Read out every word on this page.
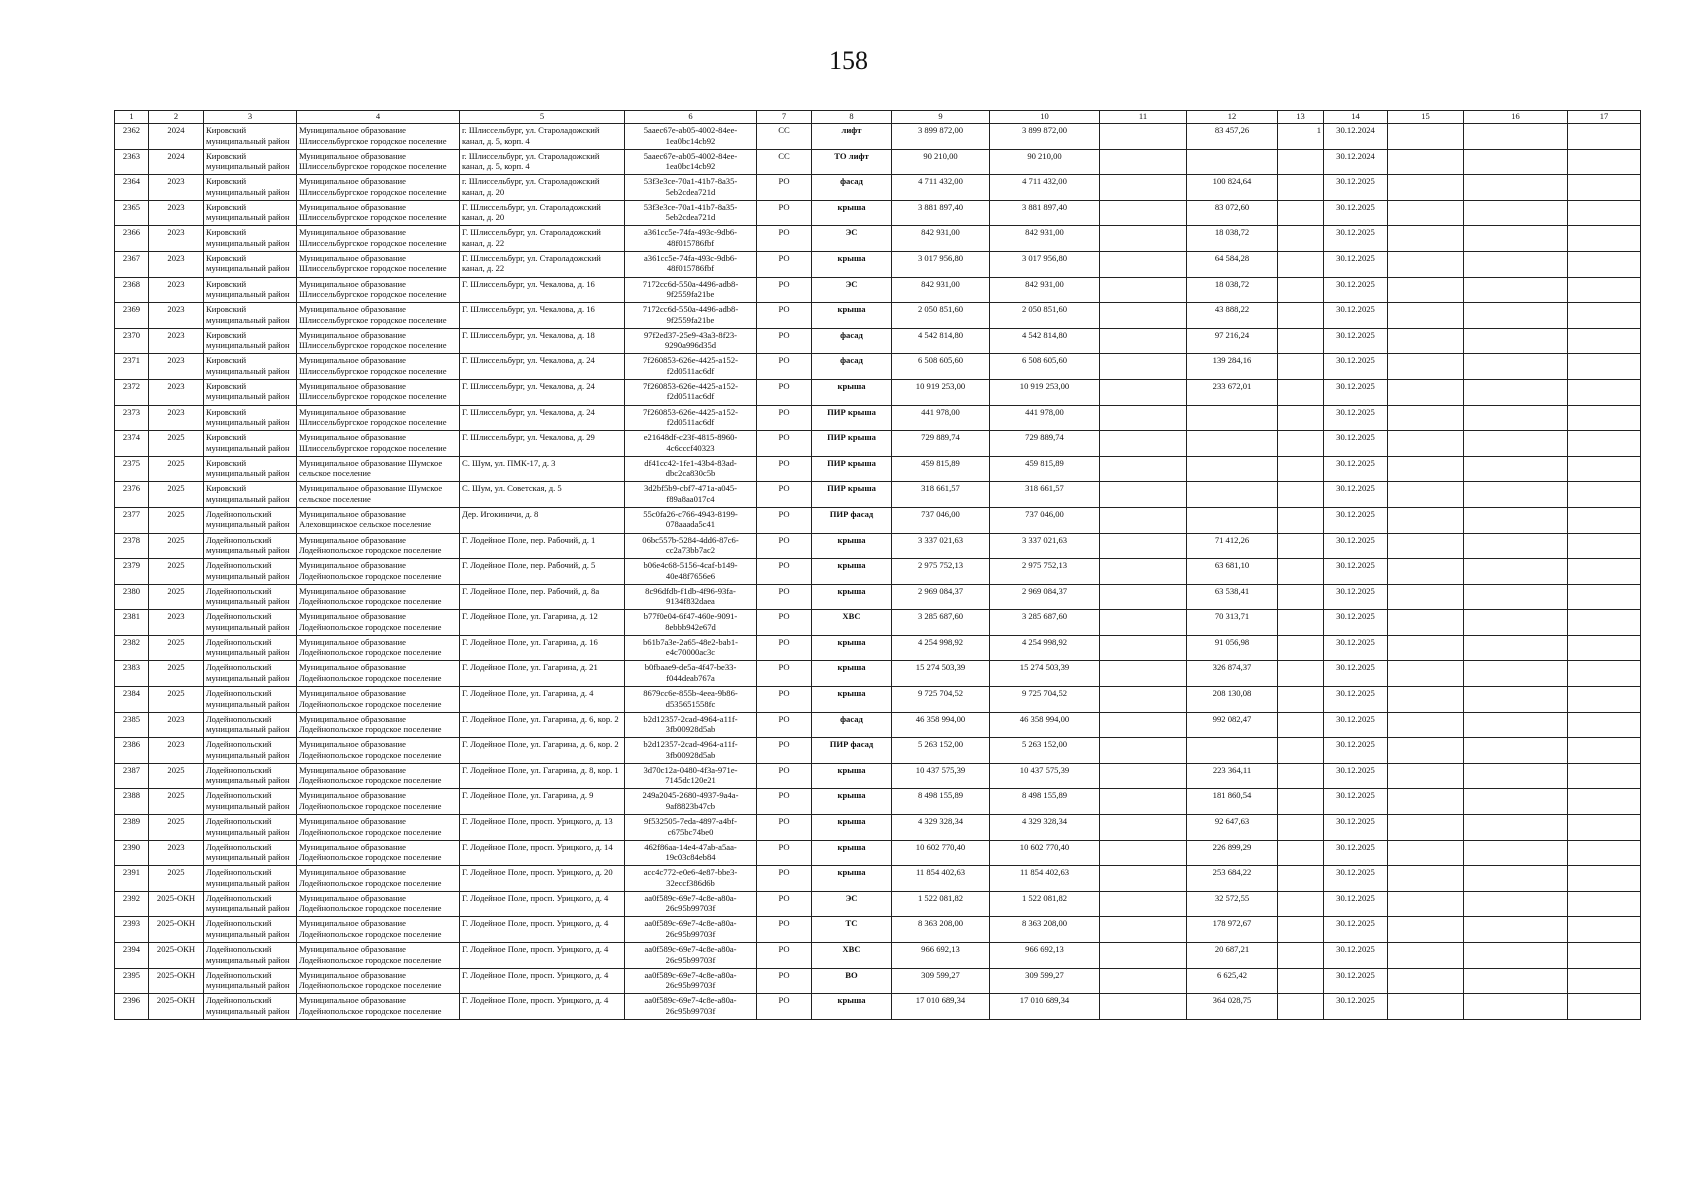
158
1	2	3	4	5	6	7	8	9	10	11	12	13	14	15	16	17
2362	2024	Кировский муниципальный район	Муниципальное образование Шлиссельбургское городское поселение	г. Шлиссельбург, ул. Староладожский канал, д. 5, корп. 4	5aaec67e-ab05-4002-84ee-1ea0bc14cb92	СС	лифт	3 899 872,00	3 899 872,00		83 457,26	1	30.12.2024			
2363	2024	Кировский муниципальный район	Муниципальное образование Шлиссельбургское городское поселение	г. Шлиссельбург, ул. Староладожский канал, д. 5, корп. 4	5aaec67e-ab05-4002-84ee-1ea0bc14cb92	СС	ТО лифт	90 210,00	90 210,00				30.12.2024			
2364	2023	Кировский муниципальный район	Муниципальное образование Шлиссельбургское городское поселение	г. Шлиссельбург, ул. Староладожский канал, д. 20	53f3e3ce-70a1-41b7-8a35-5eb2cdea721d	РО	фасад	4 711 432,00	4 711 432,00		100 824,64		30.12.2025			
2365	2023	Кировский муниципальный район	Муниципальное образование Шлиссельбургское городское поселение	Г. Шлиссельбург, ул. Староладожский канал, д. 20	53f3e3ce-70a1-41b7-8a35-5eb2cdea721d	РО	крыша	3 881 897,40	3 881 897,40		83 072,60		30.12.2025			
2366	2023	Кировский муниципальный район	Муниципальное образование Шлиссельбургское городское поселение	Г. Шлиссельбург, ул. Староладожский канал, д. 22	a361cc5e-74fa-493c-9db6-48f015786fbf	РО	ЭС	842 931,00	842 931,00		18 038,72		30.12.2025			
2367	2023	Кировский муниципальный район	Муниципальное образование Шлиссельбургское городское поселение	Г. Шлиссельбург, ул. Староладожский канал, д. 22	a361cc5e-74fa-493c-9db6-48f015786fbf	РО	крыша	3 017 956,80	3 017 956,80		64 584,28		30.12.2025			
2368	2023	Кировский муниципальный район	Муниципальное образование Шлиссельбургское городское поселение	Г. Шлиссельбург, ул. Чекалова, д. 16	7172cc6d-550a-4496-adb8-9f2559fa21be	РО	ЭС	842 931,00	842 931,00		18 038,72		30.12.2025			
2369	2023	Кировский муниципальный район	Муниципальное образование Шлиссельбургское городское поселение	Г. Шлиссельбург, ул. Чекалова, д. 16	7172cc6d-550a-4496-adb8-9f2559fa21be	РО	крыша	2 050 851,60	2 050 851,60		43 888,22		30.12.2025			
2370	2023	Кировский муниципальный район	Муниципальное образование Шлиссельбургское городское поселение	Г. Шлиссельбург, ул. Чекалова, д. 18	97f2ed37-25e9-43a3-8f23-9290a996d35d	РО	фасад	4 542 814,80	4 542 814,80		97 216,24		30.12.2025			
2371	2023	Кировский муниципальный район	Муниципальное образование Шлиссельбургское городское поселение	Г. Шлиссельбург, ул. Чекалова, д. 24	7f260853-626e-4425-a152-f2d0511ac6df	РО	фасад	6 508 605,60	6 508 605,60		139 284,16		30.12.2025			
2372	2023	Кировский муниципальный район	Муниципальное образование Шлиссельбургское городское поселение	Г. Шлиссельбург, ул. Чекалова, д. 24	7f260853-626e-4425-a152-f2d0511ac6df	РО	крыша	10 919 253,00	10 919 253,00		233 672,01		30.12.2025			
2373	2023	Кировский муниципальный район	Муниципальное образование Шлиссельбургское городское поселение	Г. Шлиссельбург, ул. Чекалова, д. 24	7f260853-626e-4425-a152-f2d0511ac6df	РО	ПИР крыша	441 978,00	441 978,00				30.12.2025			
2374	2025	Кировский муниципальный район	Муниципальное образование Шлиссельбургское городское поселение	Г. Шлиссельбург, ул. Чекалова, д. 29	e21648df-c23f-4815-8960-4c6cccf40323	РО	ПИР крыша	729 889,74	729 889,74				30.12.2025			
2375	2025	Кировский муниципальный район	Муниципальное образование Шумское сельское поселение	С. Шум, ул. ПМК-17, д. 3	df41cc42-1fe1-43b4-83ad-dbc2ca830c5b	РО	ПИР крыша	459 815,89	459 815,89				30.12.2025			
2376	2025	Кировский муниципальный район	Муниципальное образование Шумское сельское поселение	С. Шум, ул. Советская, д. 5	3d2bf5b9-cbf7-471a-a045-f89a8aa017c4	РО	ПИР крыша	318 661,57	318 661,57				30.12.2025			
2377	2025	Лодейнопольский муниципальный район	Муниципальное образование Алеховщинское сельское поселение	Дер. Игокиничи, д. 8	55c0fa26-c766-4943-8199-078aaada5c41	РО	ПИР фасад	737 046,00	737 046,00				30.12.2025			
2378	2025	Лодейнопольский муниципальный район	Муниципальное образование Лодейнопольское городское поселение	Г. Лодейное Поле, пер. Рабочий, д. 1	06bc557b-5284-4dd6-87c6-cc2a73bb7ac2	РО	крыша	3 337 021,63	3 337 021,63		71 412,26		30.12.2025			
2379	2025	Лодейнопольский муниципальный район	Муниципальное образование Лодейнопольское городское поселение	Г. Лодейное Поле, пер. Рабочий, д. 5	b06e4c68-5156-4caf-b149-40e48f7656e6	РО	крыша	2 975 752,13	2 975 752,13		63 681,10		30.12.2025			
2380	2025	Лодейнопольский муниципальный район	Муниципальное образование Лодейнопольское городское поселение	Г. Лодейное Поле, пер. Рабочий, д. 8а	8c96dfdb-f1db-4f96-93fa-9134f832daea	РО	крыша	2 969 084,37	2 969 084,37		63 538,41		30.12.2025			
2381	2023	Лодейнопольский муниципальный район	Муниципальное образование Лодейнопольское городское поселение	Г. Лодейное Поле, ул. Гагарина, д. 12	b77f0e04-6f47-460e-9091-8ebbb942e67d	РО	ХВС	3 285 687,60	3 285 687,60		70 313,71		30.12.2025			
2382	2025	Лодейнопольский муниципальный район	Муниципальное образование Лодейнопольское городское поселение	Г. Лодейное Поле, ул. Гагарина, д. 16	b61b7a3e-2a65-48e2-bab1-e4c70000ac3c	РО	крыша	4 254 998,92	4 254 998,92		91 056,98		30.12.2025			
2383	2025	Лодейнопольский муниципальный район	Муниципальное образование Лодейнопольское городское поселение	Г. Лодейное Поле, ул. Гагарина, д. 21	b0fbaae9-de5a-4f47-be33-f044deab767a	РО	крыша	15 274 503,39	15 274 503,39		326 874,37		30.12.2025			
2384	2025	Лодейнопольский муниципальный район	Муниципальное образование Лодейнопольское городское поселение	Г. Лодейное Поле, ул. Гагарина, д. 4	8679cc6e-855b-4eea-9b86-d535651558fc	РО	крыша	9 725 704,52	9 725 704,52		208 130,08		30.12.2025			
2385	2023	Лодейнопольский муниципальный район	Муниципальное образование Лодейнопольское городское поселение	Г. Лодейное Поле, ул. Гагарина, д. 6, кор. 2	b2d12357-2cad-4964-a11f-3fb00928d5ab	РО	фасад	46 358 994,00	46 358 994,00		992 082,47		30.12.2025			
2386	2023	Лодейнопольский муниципальный район	Муниципальное образование Лодейнопольское городское поселение	Г. Лодейное Поле, ул. Гагарина, д. 6, кор. 2	b2d12357-2cad-4964-a11f-3fb00928d5ab	РО	ПИР фасад	5 263 152,00	5 263 152,00				30.12.2025			
2387	2025	Лодейнопольский муниципальный район	Муниципальное образование Лодейнопольское городское поселение	Г. Лодейное Поле, ул. Гагарина, д. 8, кор. 1	3d70c12a-0480-4f3a-971e-7145dc120e21	РО	крыша	10 437 575,39	10 437 575,39		223 364,11		30.12.2025			
2388	2025	Лодейнопольский муниципальный район	Муниципальное образование Лодейнопольское городское поселение	Г. Лодейное Поле, ул. Гагарина, д. 9	249a2045-2680-4937-9a4a-9af8823b47cb	РО	крыша	8 498 155,89	8 498 155,89		181 860,54		30.12.2025			
2389	2025	Лодейнопольский муниципальный район	Муниципальное образование Лодейнопольское городское поселение	Г. Лодейное Поле, просп. Урицкого, д. 13	9f532505-7eda-4897-a4bf-c675bc74be0	РО	крыша	4 329 328,34	4 329 328,34		92 647,63		30.12.2025			
2390	2023	Лодейнопольский муниципальный район	Муниципальное образование Лодейнопольское городское поселение	Г. Лодейное Поле, просп. Урицкого, д. 14	462f86aa-14e4-47ab-a5aa-19c03c84eb84	РО	крыша	10 602 770,40	10 602 770,40		226 899,29		30.12.2025			
2391	2025	Лодейнопольский муниципальный район	Муниципальное образование Лодейнопольское городское поселение	Г. Лодейное Поле, просп. Урицкого, д. 20	acc4c772-e0e6-4e87-bbe3-32eccf386d6b	РО	крыша	11 854 402,63	11 854 402,63		253 684,22		30.12.2025			
2392	2025-ОКН	Лодейнопольский муниципальный район	Муниципальное образование Лодейнопольское городское поселение	Г. Лодейное Поле, просп. Урицкого, д. 4	aa0f589c-69e7-4c8e-a80a-26c95b99703f	РО	ЭС	1 522 081,82	1 522 081,82		32 572,55		30.12.2025			
2393	2025-ОКН	Лодейнопольский муниципальный район	Муниципальное образование Лодейнопольское городское поселение	Г. Лодейное Поле, просп. Урицкого, д. 4	aa0f589c-69e7-4c8e-a80a-26c95b99703f	РО	ТС	8 363 208,00	8 363 208,00		178 972,67		30.12.2025			
2394	2025-ОКН	Лодейнопольский муниципальный район	Муниципальное образование Лодейнопольское городское поселение	Г. Лодейное Поле, просп. Урицкого, д. 4	aa0f589c-69e7-4c8e-a80a-26c95b99703f	РО	ХВС	966 692,13	966 692,13		20 687,21		30.12.2025			
2395	2025-ОКН	Лодейнопольский муниципальный район	Муниципальное образование Лодейнопольское городское поселение	Г. Лодейное Поле, просп. Урицкого, д. 4	aa0f589c-69e7-4c8e-a80a-26c95b99703f	РО	ВО	309 599,27	309 599,27		6 625,42		30.12.2025			
2396	2025-ОКН	Лодейнопольский муниципальный район	Муниципальное образование Лодейнопольское городское поселение	Г. Лодейное Поле, просп. Урицкого, д. 4	aa0f589c-69e7-4c8e-a80a-26c95b99703f	РО	крыша	17 010 689,34	17 010 689,34		364 028,75		30.12.2025			
